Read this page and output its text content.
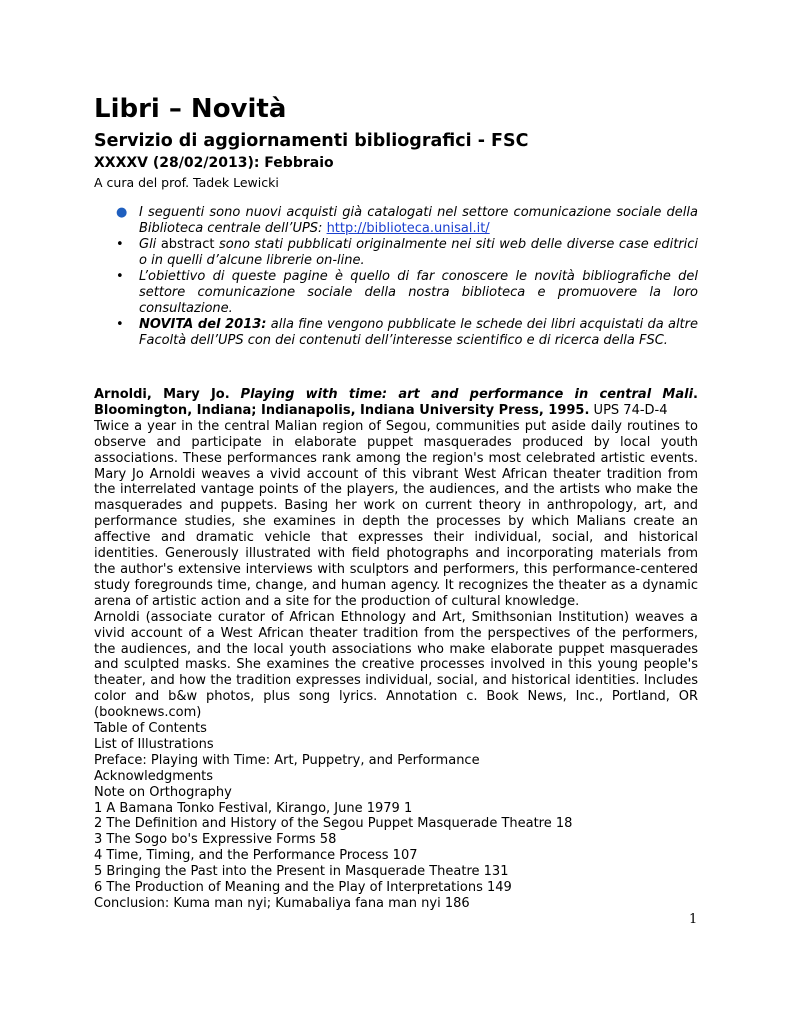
Libri – Novità
Servizio di aggiornamenti bibliografici - FSC
XXXXV (28/02/2013): Febbraio
A cura del prof. Tadek Lewicki
● I seguenti sono nuovi acquisti già catalogati nel settore comunicazione sociale della Biblioteca centrale dell’UPS: http://biblioteca.unisal.it/
• Gli abstract sono stati pubblicati originalmente nei siti web delle diverse case editrici o in quelli d’alcune librerie on-line.
• L’obiettivo di queste pagine è quello di far conoscere le novità bibliografiche del settore comunicazione sociale della nostra biblioteca e promuovere la loro consultazione.
• NOVITA del 2013: alla fine vengono pubblicate le schede dei libri acquistati da altre Facoltà dell’UPS con dei contenuti dell’interesse scientifico e di ricerca della FSC.

Arnoldi, Mary Jo. Playing with time: art and performance in central Mali. Bloomington, Indiana; Indianapolis, Indiana University Press, 1995. UPS 74-D-4

Twice a year in the central Malian region of Segou, communities put aside daily routines to observe and participate in elaborate puppet masquerades produced by local youth associations. These performances rank among the region's most celebrated artistic events. Mary Jo Arnoldi weaves a vivid account of this vibrant West African theater tradition from the interrelated vantage points of the players, the audiences, and the artists who make the masquerades and puppets. Basing her work on current theory in anthropology, art, and performance studies, she examines in depth the processes by which Malians create an affective and dramatic vehicle that expresses their individual, social, and historical identities. Generously illustrated with field photographs and incorporating materials from the author's extensive interviews with sculptors and performers, this performance-centered study foregrounds time, change, and human agency. It recognizes the theater as a dynamic arena of artistic action and a site for the production of cultural knowledge.

Arnoldi (associate curator of African Ethnology and Art, Smithsonian Institution) weaves a vivid account of a West African theater tradition from the perspectives of the performers, the audiences, and the local youth associations who make elaborate puppet masquerades and sculpted masks. She examines the creative processes involved in this young people's theater, and how the tradition expresses individual, social, and historical identities. Includes color and b&w photos, plus song lyrics. Annotation c. Book News, Inc., Portland, OR (booknews.com)

Table of Contents
List of Illustrations
Preface: Playing with Time: Art, Puppetry, and Performance
Acknowledgments
Note on Orthography
1 A Bamana Tonko Festival, Kirango, June 1979 1
2 The Definition and History of the Segou Puppet Masquerade Theatre 18
3 The Sogo bo's Expressive Forms 58
4 Time, Timing, and the Performance Process 107
5 Bringing the Past into the Present in Masquerade Theatre 131
6 The Production of Meaning and the Play of Interpretations 149
Conclusion: Kuma man nyi; Kumabaliya fana man nyi 186
1
